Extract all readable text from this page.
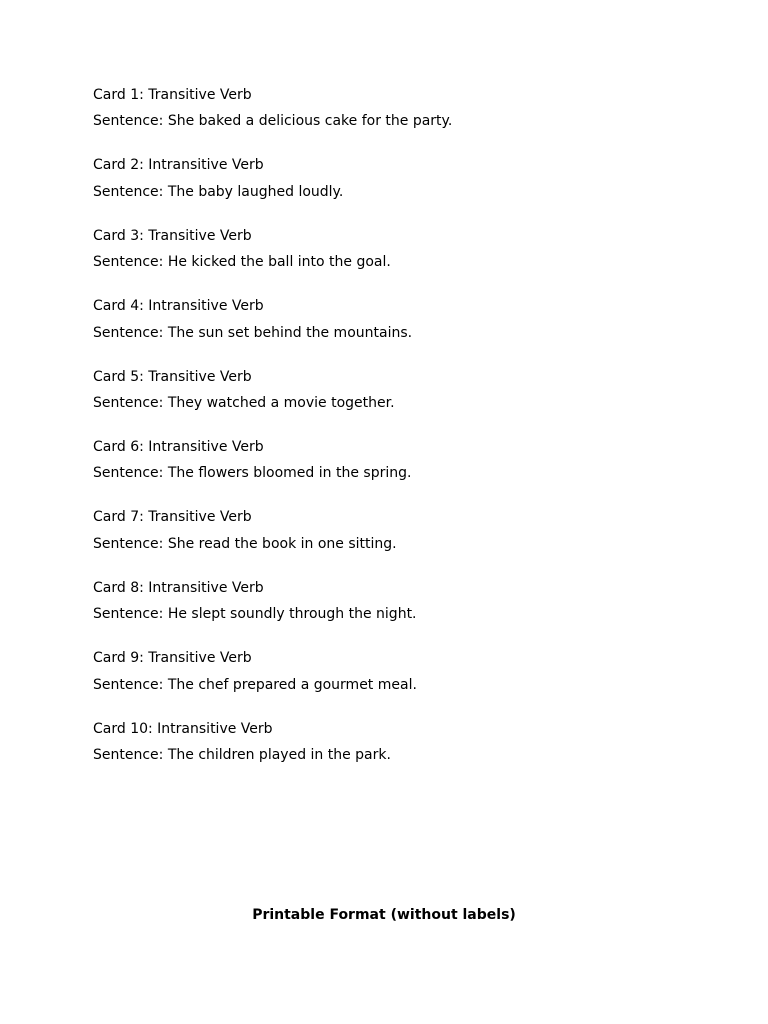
Card 1: Transitive Verb
Sentence: She baked a delicious cake for the party.
Card 2: Intransitive Verb
Sentence: The baby laughed loudly.
Card 3: Transitive Verb
Sentence: He kicked the ball into the goal.
Card 4: Intransitive Verb
Sentence: The sun set behind the mountains.
Card 5: Transitive Verb
Sentence: They watched a movie together.
Card 6: Intransitive Verb
Sentence: The flowers bloomed in the spring.
Card 7: Transitive Verb
Sentence: She read the book in one sitting.
Card 8: Intransitive Verb
Sentence: He slept soundly through the night.
Card 9: Transitive Verb
Sentence: The chef prepared a gourmet meal.
Card 10: Intransitive Verb
Sentence: The children played in the park.
Printable Format (without labels)
